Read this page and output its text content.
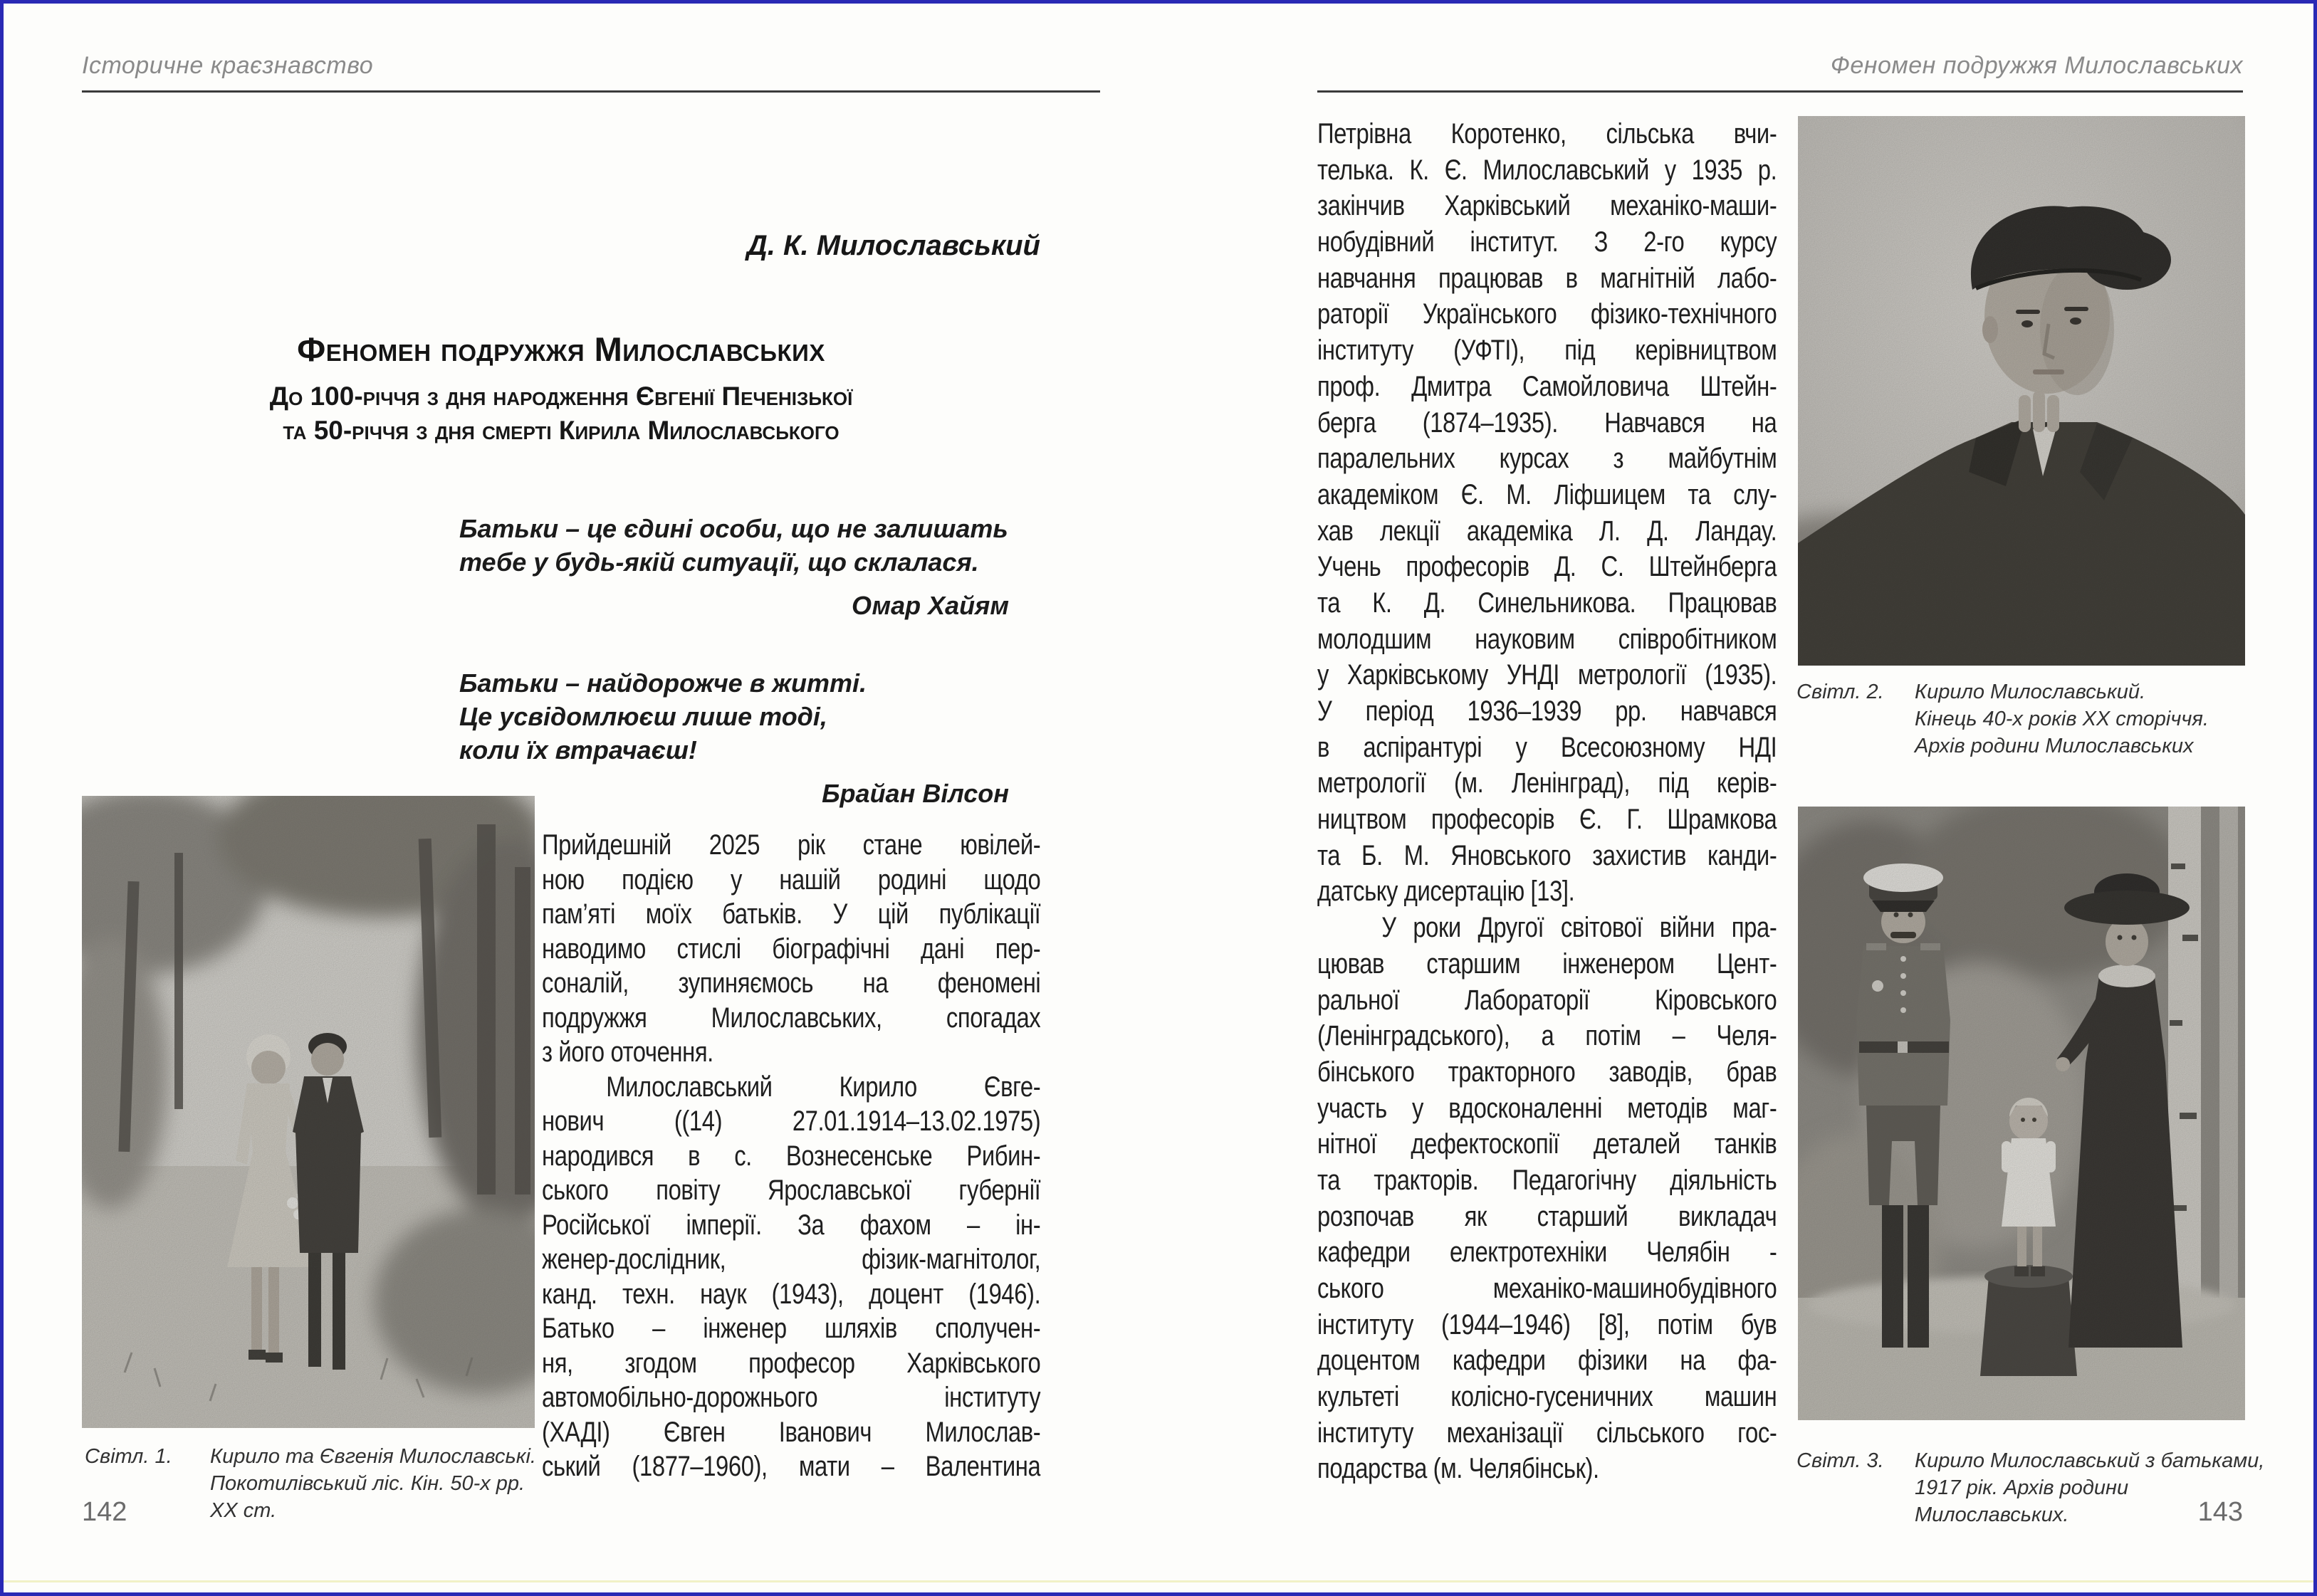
Історичне краєзнавство
Д. К. Милославський
Феномен подружжя Милославських
До 100-річчя з дня народження Євгенії Печенізької
та 50-річчя з дня смерті Кирила Милославського
Батьки – це єдині особи, що не залишать
тебе у будь-якій ситуації, що склалася.
Омар Хайям
Батьки – найдорожче в житті.
Це усвідомлюєш лише тоді,
коли їх втрачаєш!
Брайан Вілсон
Світл. 1. Кирило та Євгенія Милославські.
Покотилівський ліс. Кін. 50-х рр. XX ст.
Прийдешній 2025 рік стане ювілей-
ною подією у нашій родині щодо
пам’яті моїх батьків. У цій публікації
наводимо стислі біографічні дані пер-
соналій, зупиняємось на феномені
подружжя Милославських, спогадах
з його оточення.
Милославський Кирило Євге-
нович ((14) 27.01.1914–13.02.1975)
народився в с. Вознесенське Рибин-
ського повіту Ярославської губернії
Російської імперії. За фахом – ін-
женер-дослідник, фізик-магнітолог,
канд. техн. наук (1943), доцент (1946).
Батько – інженер шляхів сполучен-
ня, згодом професор Харківського
автомобільно-дорожнього інституту
(ХАДІ) Євген Іванович Милослав-
ський (1877–1960), мати – Валентина
142
Феномен подружжя Милославських
Петрівна Коротенко, сільська вчи-
телька. К. Є. Милославський у 1935 р.
закінчив Харківський механіко-маши-
нобудівний інститут. З 2-го курсу
навчання працював в магнітній лабо-
раторії Українського фізико-технічного
інституту (УФТІ), під керівництвом
проф. Дмитра Самойловича Штейн-
берга (1874–1935). Навчався на
паралельних курсах з майбутнім
академіком Є. М. Ліфшицем та слу-
хав лекції академіка Л. Д. Ландау.
Учень професорів Д. С. Штейнберга
та К. Д. Синельникова. Працював
молодшим науковим співробітником
у Харківському УНДІ метрології (1935).
У період 1936–1939 рр. навчався
в аспірантурі у Всесоюзному НДІ
метрології (м. Ленінград), під керів-
ництвом професорів Є. Г. Шрамкова
та Б. М. Яновського захистив канди-
датську дисертацію [13].
У роки Другої світової війни пра-
цював старшим інженером Цент-
ральної Лабораторії Кіровського
(Ленінградського), а потім – Челя-
бінського тракторного заводів, брав
участь у вдосконаленні методів маг-
нітної дефектоскопії деталей танків
та тракторів. Педагогічну діяльність
розпочав як старший викладач
кафедри електротехніки Челябін -
ського механіко-машинобудівного
інституту (1944–1946) [8], потім був
доцентом кафедри фізики на фа-
культеті колісно-гусеничних машин
інституту механізації сільського гос-
подарства (м. Челябінськ).
Світл. 2. Кирило Милославський.
Кінець 40-х років XX сторіччя.
Архів родини Милославських
Світл. 3. Кирило Милославський з батьками,
1917 рік. Архів родини Милославських.	143
